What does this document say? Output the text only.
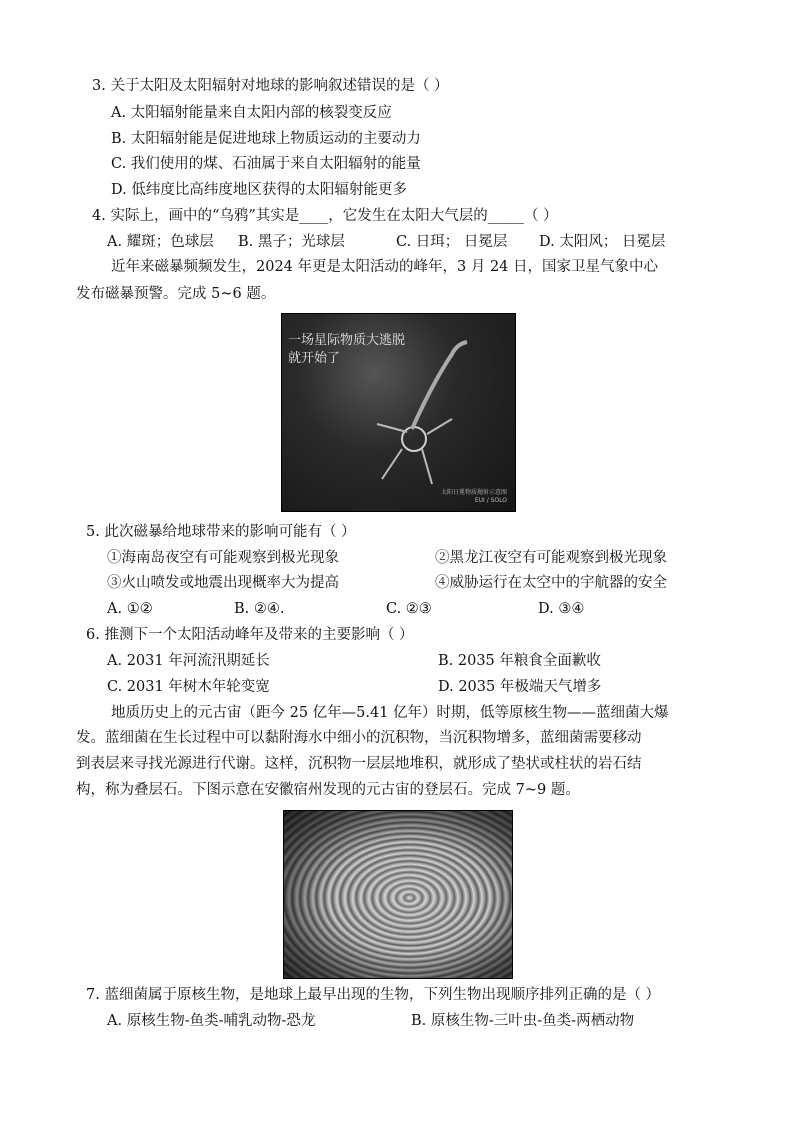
3. 关于太阳及太阳辐射对地球的影响叙述错误的是（ ）
A. 太阳辐射能量来自太阳内部的核裂变反应
B. 太阳辐射能是促进地球上物质运动的主要动力
C. 我们使用的煤、石油属于来自太阳辐射的能量
D. 低纬度比高纬度地区获得的太阳辐射能更多
4. 实际上，画中的“乌鸦”其实是____，它发生在太阳大气层的_____（ ）
A. 耀斑；色球层 B. 黑子；光球层	C. 日珥； 日冕层 D. 太阳风； 日冕层
近年来磁暴频频发生，2024 年更是太阳活动的峰年，3 月 24 日，国家卫星气象中心
发布磁暴预警。完成 5~6 题。
一场星际物质大逃脱
就开始了
太阳日冕物质抛射示意图
EUI / SOLO
5. 此次磁暴给地球带来的影响可能有（ ）
①海南岛夜空有可能观察到极光现象	②黑龙江夜空有可能观察到极光现象
③火山喷发或地震出现概率大为提高	④威胁运行在太空中的宇航器的安全
A. ①②	B. ②④.	C. ②③	D. ③④
6. 推测下一个太阳活动峰年及带来的主要影响（ ）
A. 2031 年河流汛期延长	B. 2035 年粮食全面歉收
C. 2031 年树木年轮变宽	D. 2035 年极端天气增多
地质历史上的元古宙（距今 25 亿年—5.41 亿年）时期，低等原核生物——蓝细菌大爆
发。蓝细菌在生长过程中可以黏附海水中细小的沉积物，当沉积物增多，蓝细菌需要移动
到表层来寻找光源进行代谢。这样，沉积物一层层地堆积，就形成了垫状或柱状的岩石结
构，称为叠层石。下图示意在安徽宿州发现的元古宙的登层石。完成 7~9 题。
7. 蓝细菌属于原核生物，是地球上最早出现的生物，下列生物出现顺序排列正确的是（ ）
A. 原核生物-鱼类-哺乳动物-恐龙	B. 原核生物-三叶虫-鱼类-两栖动物
